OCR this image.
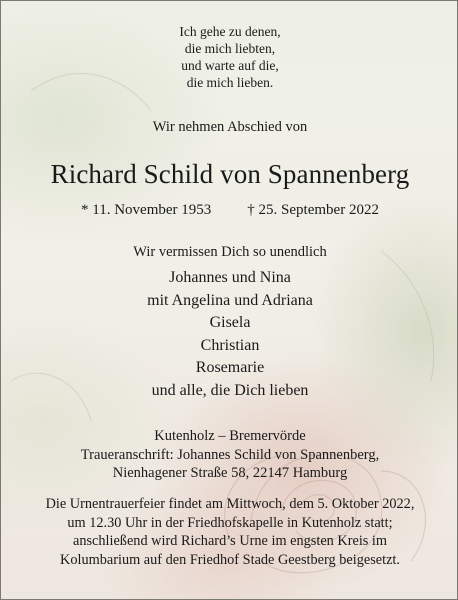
Ich gehe zu denen,
die mich liebten,
und warte auf die,
die mich lieben.
Wir nehmen Abschied von
Richard Schild von Spannenberg
* 11. November 1953 † 25. September 2022
Wir vermissen Dich so unendlich
Johannes und Nina
mit Angelina und Adriana
Gisela
Christian
Rosemarie
und alle, die Dich lieben
Kutenholz – Bremervörde
Traueranschrift: Johannes Schild von Spannenberg,
Nienhagener Straße 58, 22147 Hamburg
Die Urnentrauerfeier findet am Mittwoch, dem 5. Oktober 2022,
um 12.30 Uhr in der Friedhofskapelle in Kutenholz statt;
anschließend wird Richard’s Urne im engsten Kreis im
Kolumbarium auf den Friedhof Stade Geestberg beigesetzt.
